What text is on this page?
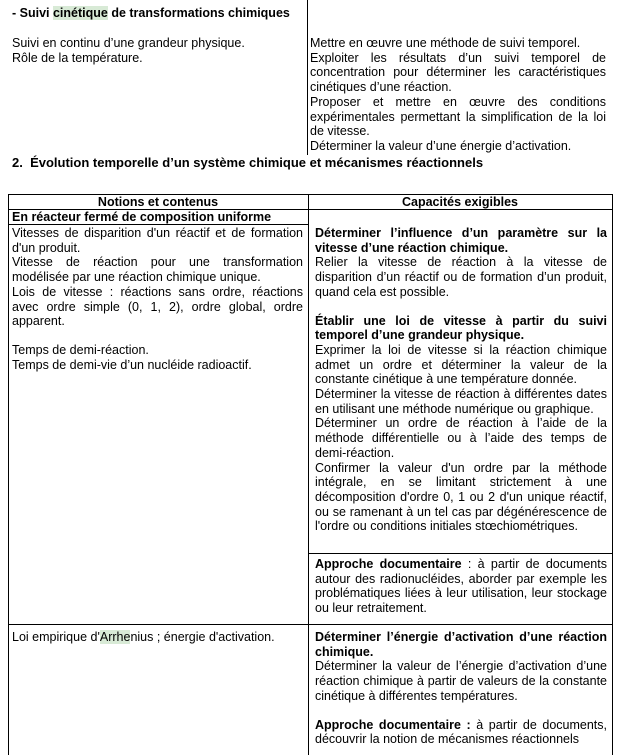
- Suivi cinétique de transformations chimiques

Suivi en continu d’une grandeur physique.

Rôle de la température.

Mettre en œuvre une méthode de suivi temporel.

Exploiter les résultats d’un suivi temporel de concentration pour déterminer les caractéristiques cinétiques d’une réaction.

Proposer et mettre en œuvre des conditions expérimentales permettant la simplification de la loi de vitesse.

Déterminer la valeur d’une énergie d’activation.

2. Évolution temporelle d’un système chimique et mécanismes réactionnels
Notions et contenus	Capacités exigibles
En réacteur fermé de composition uniforme

Vitesses de disparition d'un réactif et de formation d'un produit.

Vitesse de réaction pour une transformation modélisée par une réaction chimique unique.

Lois de vitesse : réactions sans ordre, réactions avec ordre simple (0, 1, 2), ordre global, ordre apparent.

Temps de demi-réaction.

Temps de demi-vie d’un nucléide radioactif.

Déterminer l’influence d’un paramètre sur la vitesse d’une réaction chimique.

Relier la vitesse de réaction à la vitesse de disparition d’un réactif ou de formation d’un produit, quand cela est possible.

Établir une loi de vitesse à partir du suivi temporel d’une grandeur physique.

Exprimer la loi de vitesse si la réaction chimique admet un ordre et déterminer la valeur de la constante cinétique à une température donnée.

Déterminer la vitesse de réaction à différentes dates en utilisant une méthode numérique ou graphique.

Déterminer un ordre de réaction à l’aide de la méthode différentielle ou à l’aide des temps de demi-réaction.

Confirmer la valeur d'un ordre par la méthode intégrale, en se limitant strictement à une décomposition d'ordre 0, 1 ou 2 d'un unique réactif, ou se ramenant à un tel cas par dégénérescence de l'ordre ou conditions initiales stœchiométriques.

Approche documentaire : à partir de documents autour des radionucléides, aborder par exemple les problématiques liées à leur utilisation, leur stockage ou leur retraitement.

Loi empirique d'Arrhenius ; énergie d'activation.	Déterminer l’énergie d’activation d’une réaction chimique.

Déterminer la valeur de l’énergie d’activation d’une réaction chimique à partir de valeurs de la constante cinétique à différentes températures.

Approche documentaire : à partir de documents, découvrir la notion de mécanismes réactionnels
